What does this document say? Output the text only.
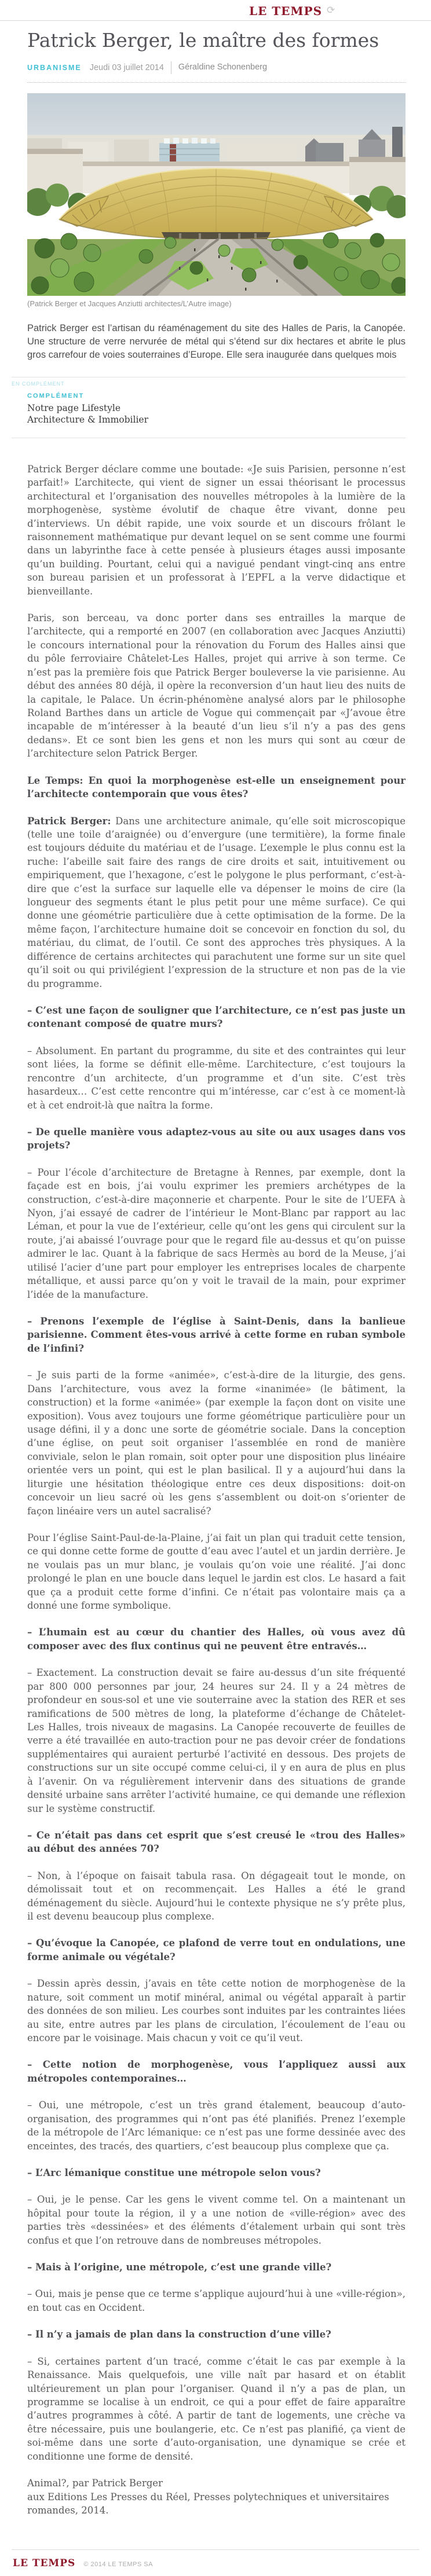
LE TEMPS ⟳
Patrick Berger, le maître des formes
URBANISME Jeudi 03 juillet 2014	Géraldine Schonenberg
(Patrick Berger et Jacques Anziutti architectes/L’Autre image)

Patrick Berger est l’artisan du réaménagement du site des Halles de Paris, la Canopée. Une structure de verre nervurée de métal qui s’étend sur dix hectares et abrite le plus gros carrefour de voies souterraines d’Europe. Elle sera inaugurée dans quelques mois

EN COMPLÉMENT
COMPLÉMENT
Notre page Lifestyle Architecture & Immobilier

Patrick Berger déclare comme une boutade: «Je suis Parisien, personne n’est parfait!» L’architecte, qui vient de signer un essai théorisant le processus architectural et l’organisation des nouvelles métropoles à la lumière de la morphogenèse, système évolutif de chaque être vivant, donne peu d’interviews. Un débit rapide, une voix sourde et un discours frôlant le raisonnement mathématique pur devant lequel on se sent comme une fourmi dans un labyrinthe face à cette pensée à plusieurs étages aussi imposante qu’un building. Pourtant, celui qui a navigué pendant vingt-cinq ans entre son bureau parisien et un professorat à l’EPFL a la verve didactique et bienveillante.

Paris, son berceau, va donc porter dans ses entrailles la marque de l’architecte, qui a remporté en 2007 (en collaboration avec Jacques Anziutti) le concours international pour la rénovation du Forum des Halles ainsi que du pôle ferroviaire Châtelet-Les Halles, projet qui arrive à son terme. Ce n’est pas la première fois que Patrick Berger bouleverse la vie parisienne. Au début des années 80 déjà, il opère la reconversion d’un haut lieu des nuits de la capitale, le Palace. Un écrin-phénomène analysé alors par le philosophe Roland Barthes dans un article de Vogue qui commençait par «J’avoue être incapable de m’intéresser à la beauté d’un lieu s’il n’y a pas des gens dedans». Et ce sont bien les gens et non les murs qui sont au cœur de l’architecture selon Patrick Berger.

Le Temps: En quoi la morphogenèse est-elle un enseignement pour l’architecte contemporain que vous êtes?

Patrick Berger: Dans une architecture animale, qu’elle soit microscopique (telle une toile d’araignée) ou d’envergure (une termitière), la forme finale est toujours déduite du matériau et de l’usage. L’exemple le plus connu est la ruche: l’abeille sait faire des rangs de cire droits et sait, intuitivement ou empiriquement, que l’hexagone, c’est le polygone le plus performant, c’est-à-dire que c’est la surface sur laquelle elle va dépenser le moins de cire (la longueur des segments étant le plus petit pour une même surface). Ce qui donne une géométrie particulière due à cette optimisation de la forme. De la même façon, l’architecture humaine doit se concevoir en fonction du sol, du matériau, du climat, de l’outil. Ce sont des approches très physiques. A la différence de certains architectes qui parachutent une forme sur un site quel qu’il soit ou qui privilégient l’expression de la structure et non pas de la vie du programme.

– C’est une façon de souligner que l’architecture, ce n’est pas juste un contenant composé de quatre murs?

– Absolument. En partant du programme, du site et des contraintes qui leur sont liées, la forme se définit elle-même. L’architecture, c’est toujours la rencontre d’un architecte, d’un programme et d’un site. C’est très hasardeux… C’est cette rencontre qui m’intéresse, car c’est à ce moment-là et à cet endroit-là que naîtra la forme.

– De quelle manière vous adaptez-vous au site ou aux usages dans vos projets?

– Pour l’école d’architecture de Bretagne à Rennes, par exemple, dont la façade est en bois, j’ai voulu exprimer les premiers archétypes de la construction, c’est-à-dire maçonnerie et charpente. Pour le site de l’UEFA à Nyon, j’ai essayé de cadrer de l’intérieur le Mont-Blanc par rapport au lac Léman, et pour la vue de l’extérieur, celle qu’ont les gens qui circulent sur la route, j’ai abaissé l’ouvrage pour que le regard file au-dessus et qu’on puisse admirer le lac. Quant à la fabrique de sacs Hermès au bord de la Meuse, j’ai utilisé l’acier d’une part pour employer les entreprises locales de charpente métallique, et aussi parce qu’on y voit le travail de la main, pour exprimer l’idée de la manufacture.

– Prenons l’exemple de l’église à Saint-Denis, dans la banlieue parisienne. Comment êtes-vous arrivé à cette forme en ruban symbole de l’infini?

– Je suis parti de la forme «animée», c’est-à-dire de la liturgie, des gens. Dans l’architecture, vous avez la forme «inanimée» (le bâtiment, la construction) et la forme «animée» (par exemple la façon dont on visite une exposition). Vous avez toujours une forme géométrique particulière pour un usage défini, il y a donc une sorte de géométrie sociale. Dans la conception d’une église, on peut soit organiser l’assemblée en rond de manière conviviale, selon le plan romain, soit opter pour une disposition plus linéaire orientée vers un point, qui est le plan basilical. Il y a aujourd’hui dans la liturgie une hésitation théologique entre ces deux dispositions: doit-on concevoir un lieu sacré où les gens s’assemblent ou doit-on s’orienter de façon linéaire vers un autel sacralisé?

Pour l’église Saint-Paul-de-la-Plaine, j’ai fait un plan qui traduit cette tension, ce qui donne cette forme de goutte d’eau avec l’autel et un jardin derrière. Je ne voulais pas un mur blanc, je voulais qu’on voie une réalité. J’ai donc prolongé le plan en une boucle dans lequel le jardin est clos. Le hasard a fait que ça a produit cette forme d’infini. Ce n’était pas volontaire mais ça a donné une forme symbolique.

– L’humain est au cœur du chantier des Halles, où vous avez dû composer avec des flux continus qui ne peuvent être entravés…

– Exactement. La construction devait se faire au-dessus d’un site fréquenté par 800 000 personnes par jour, 24 heures sur 24. Il y a 24 mètres de profondeur en sous-sol et une vie souterraine avec la station des RER et ses ramifications de 500 mètres de long, la plateforme d’échange de Châtelet-Les Halles, trois niveaux de magasins. La Canopée recouverte de feuilles de verre a été travaillée en auto-traction pour ne pas devoir créer de fondations supplémentaires qui auraient perturbé l’activité en dessous. Des projets de constructions sur un site occupé comme celui-ci, il y en aura de plus en plus à l’avenir. On va régulièrement intervenir dans des situations de grande densité urbaine sans arrêter l’activité humaine, ce qui demande une réflexion sur le système constructif.

– Ce n’était pas dans cet esprit que s’est creusé le «trou des Halles» au début des années 70?

– Non, à l’époque on faisait tabula rasa. On dégageait tout le monde, on démolissait tout et on recommençait. Les Halles a été le grand déménagement du siècle. Aujourd’hui le contexte physique ne s’y prête plus, il est devenu beaucoup plus complexe.

– Qu’évoque la Canopée, ce plafond de verre tout en ondulations, une forme animale ou végétale?

– Dessin après dessin, j’avais en tête cette notion de morphogenèse de la nature, soit comment un motif minéral, animal ou végétal apparaît à partir des données de son milieu. Les courbes sont induites par les contraintes liées au site, entre autres par les plans de circulation, l’écoulement de l’eau ou encore par le voisinage. Mais chacun y voit ce qu’il veut.

– Cette notion de morphogenèse, vous l’appliquez aussi aux métropoles contemporaines…

– Oui, une métropole, c’est un très grand étalement, beaucoup d’auto-organisation, des programmes qui n’ont pas été planifiés. Prenez l’exemple de la métropole de l’Arc lémanique: ce n’est pas une forme dessinée avec des enceintes, des tracés, des quartiers, c’est beaucoup plus complexe que ça.

– L’Arc lémanique constitue une métropole selon vous?

– Oui, je le pense. Car les gens le vivent comme tel. On a maintenant un hôpital pour toute la région, il y a une notion de «ville-région» avec des parties très «dessinées» et des éléments d’étalement urbain qui sont très confus et que l’on retrouve dans de nombreuses métropoles.

– Mais à l’origine, une métropole, c’est une grande ville?

– Oui, mais je pense que ce terme s’applique aujourd’hui à une «ville-région», en tout cas en Occident.

– Il n’y a jamais de plan dans la construction d’une ville?

– Si, certaines partent d’un tracé, comme c’était le cas par exemple à la Renaissance. Mais quelquefois, une ville naît par hasard et on établit ultérieurement un plan pour l’organiser. Quand il n’y a pas de plan, un programme se localise à un endroit, ce qui a pour effet de faire apparaître d’autres programmes à côté. A partir de tant de logements, une crèche va être nécessaire, puis une boulangerie, etc. Ce n’est pas planifié, ça vient de soi-même dans une sorte d’auto-organisation, une dynamique se crée et conditionne une forme de densité.

Animal?, par Patrick Berger
aux Editions Les Presses du Réel, Presses polytechniques et universitaires romandes, 2014.

LE TEMPS © 2014 LE TEMPS SA
